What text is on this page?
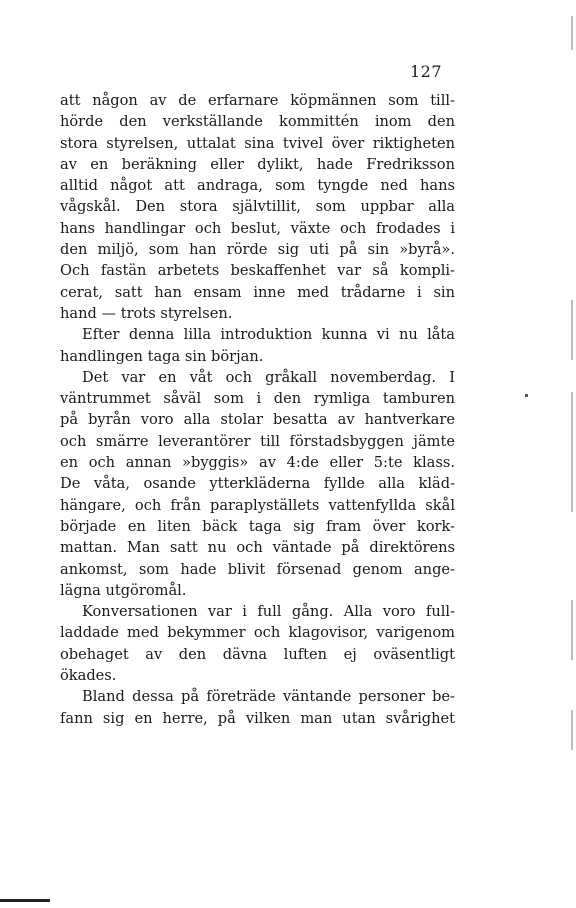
127
att någon av de erfarnare köpmännen som till-
hörde den verkställande kommittén inom den
stora styrelsen, uttalat sina tvivel över riktigheten
av en beräkning eller dylikt, hade Fredriksson
alltid något att andraga, som tyngde ned hans
vågskål. Den stora självtillit, som uppbar alla
hans handlingar och beslut, växte och frodades i
den miljö, som han rörde sig uti på sin »byrå».
Och fastän arbetets beskaffenhet var så kompli-
cerat, satt han ensam inne med trådarne i sin
hand — trots styrelsen.
Efter denna lilla introduktion kunna vi nu låta
handlingen taga sin början.
Det var en våt och gråkall novemberdag. I
väntrummet såväl som i den rymliga tamburen
på byrån voro alla stolar besatta av hantverkare
och smärre leverantörer till förstadsbyggen jämte
en och annan »byggis» av 4:de eller 5:te klass.
De våta, osande ytterkläderna fyllde alla kläd-
hängare, och från paraplyställets vattenfyllda skål
började en liten bäck taga sig fram över kork-
mattan. Man satt nu och väntade på direktörens
ankomst, som hade blivit försenad genom ange-
lägna utgöromål.
Konversationen var i full gång. Alla voro full-
laddade med bekymmer och klagovisor, varigenom
obehaget av den dävna luften ej oväsentligt
ökades.
Bland dessa på företräde väntande personer be-
fann sig en herre, på vilken man utan svårighet
